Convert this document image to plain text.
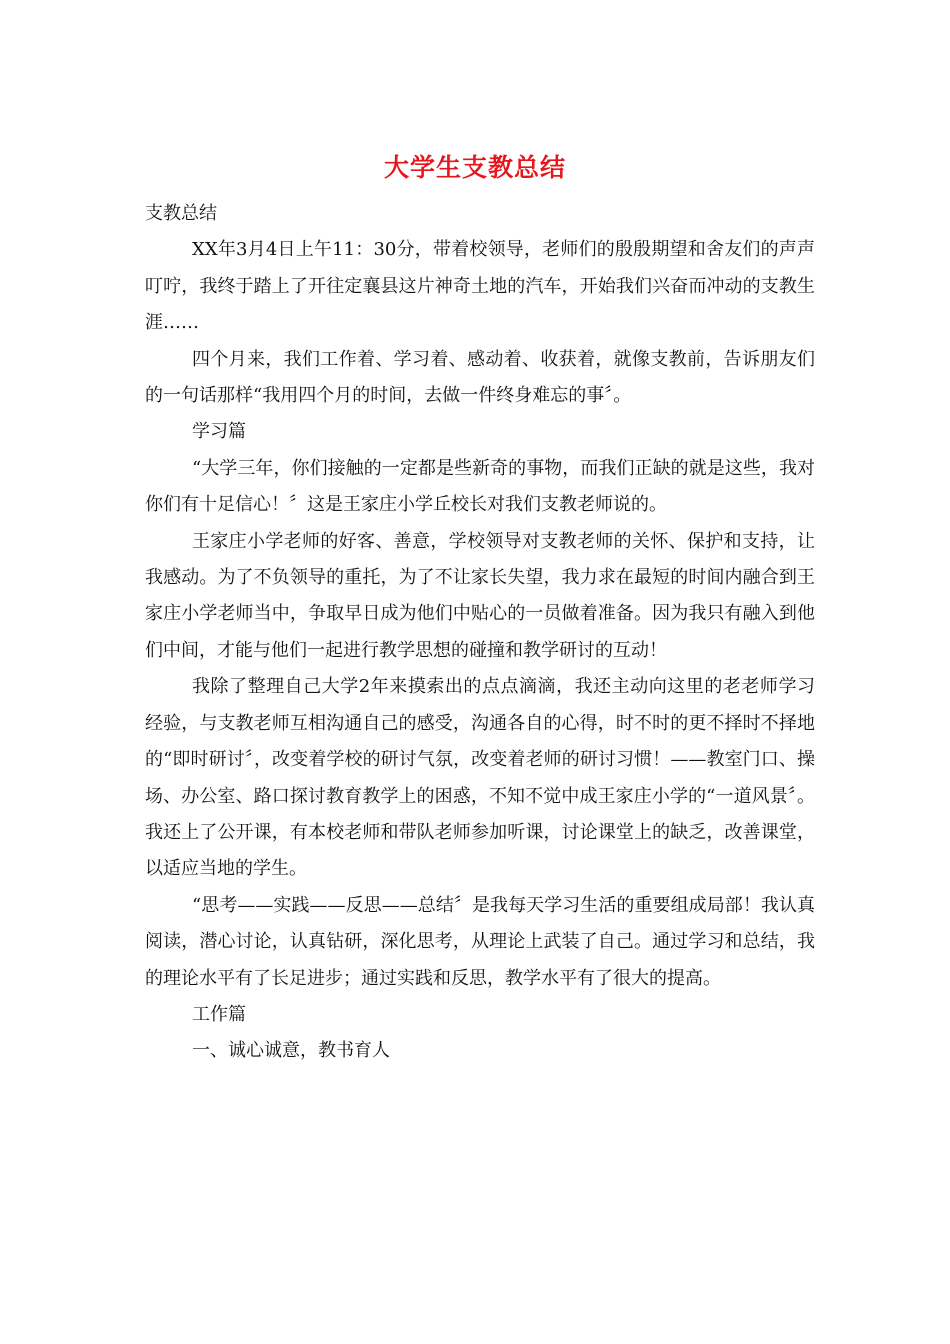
大学生支教总结

支教总结

XX年3月4日上午11：30分，带着校领导，老师们的殷殷期望和舍友们的声声叮咛，我终于踏上了开往定襄县这片神奇土地的汽车，开始我们兴奋而冲动的支教生涯……

四个月来，我们工作着、学习着、感动着、收获着，就像支教前，告诉朋友们的一句话那样“我用四个月的时间，去做一件终身难忘的事〞。

学习篇

“大学三年，你们接触的一定都是些新奇的事物，而我们正缺的就是这些，我对你们有十足信心！〞这是王家庄小学丘校长对我们支教老师说的。

王家庄小学老师的好客、善意，学校领导对支教老师的关怀、保护和支持，让我感动。为了不负领导的重托，为了不让家长失望，我力求在最短的时间内融合到王家庄小学老师当中，争取早日成为他们中贴心的一员做着准备。因为我只有融入到他们中间，才能与他们一起进行教学思想的碰撞和教学研讨的互动！

我除了整理自己大学2年来摸索出的点点滴滴，我还主动向这里的老老师学习经验，与支教老师互相沟通自己的感受，沟通各自的心得，时不时的更不择时不择地的“即时研讨〞，改变着学校的研讨气氛，改变着老师的研讨习惯！——教室门口、操场、办公室、路口探讨教育教学上的困惑，不知不觉中成王家庄小学的“一道风景〞。我还上了公开课，有本校老师和带队老师参加听课，讨论课堂上的缺乏，改善课堂，以适应当地的学生。

“思考——实践——反思——总结〞是我每天学习生活的重要组成局部！我认真阅读，潜心讨论，认真钻研，深化思考，从理论上武装了自己。通过学习和总结，我的理论水平有了长足进步；通过实践和反思，教学水平有了很大的提高。

工作篇

一、诚心诚意，教书育人
